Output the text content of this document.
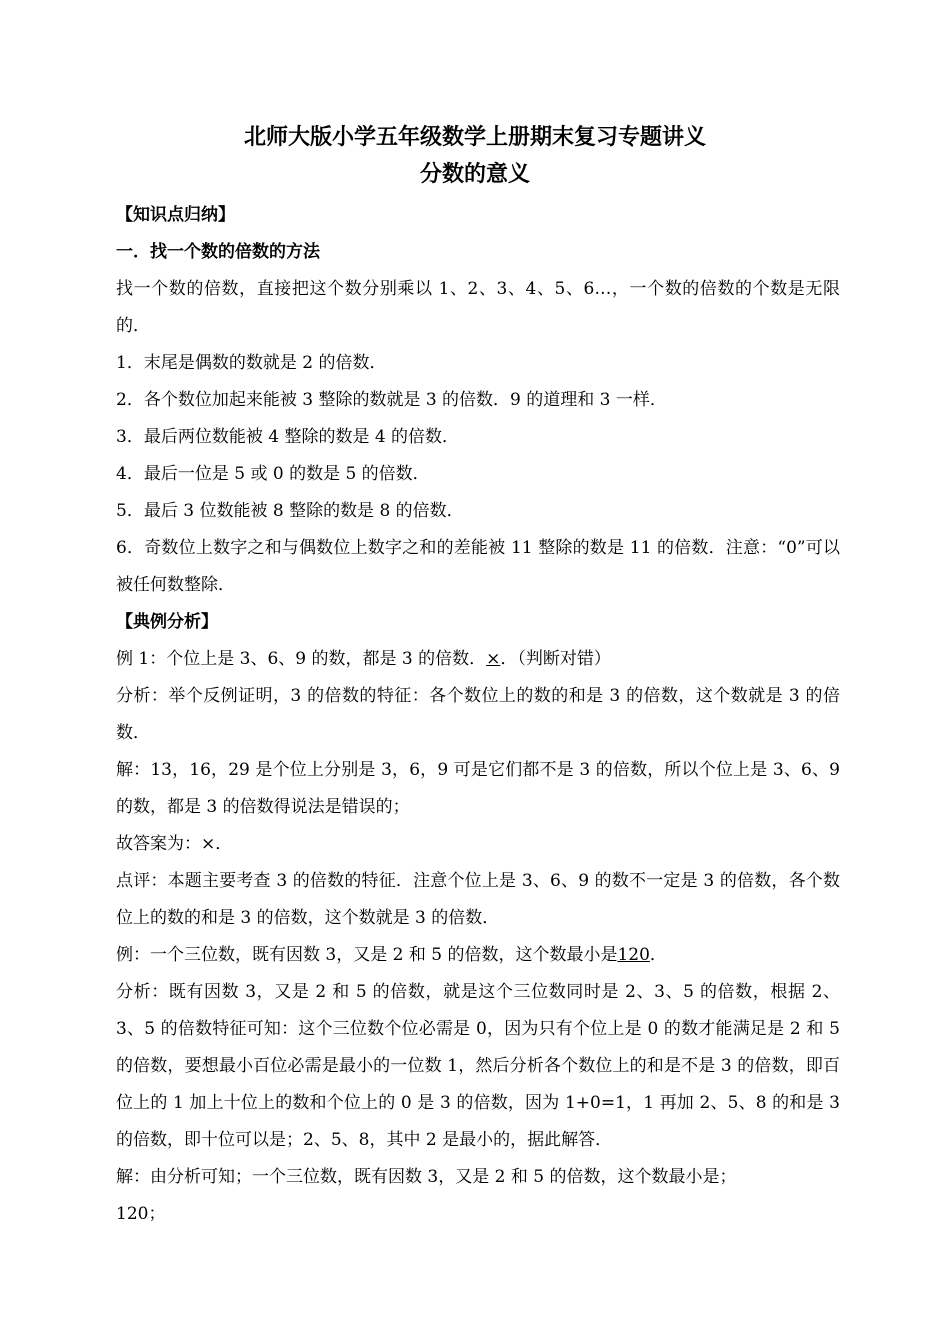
北师大版小学五年级数学上册期末复习专题讲义
分数的意义

【知识点归纳】

一．找一个数的倍数的方法

找一个数的倍数，直接把这个数分别乘以 1、2、3、4、5、6…，一个数的倍数的个数是无限的．

1．末尾是偶数的数就是 2 的倍数．

2．各个数位加起来能被 3 整除的数就是 3 的倍数．9 的道理和 3 一样．

3．最后两位数能被 4 整除的数是 4 的倍数．

4．最后一位是 5 或 0 的数是 5 的倍数．

5．最后 3 位数能被 8 整除的数是 8 的倍数．

6．奇数位上数字之和与偶数位上数字之和的差能被 11 整除的数是 11 的倍数．注意：“0”可以被任何数整除．

【典例分析】

例 1：个位上是 3、6、9 的数，都是 3 的倍数．×．（判断对错）

分析：举个反例证明，3 的倍数的特征：各个数位上的数的和是 3 的倍数，这个数就是 3 的倍数．

解：13，16，29 是个位上分别是 3，6，9 可是它们都不是 3 的倍数，所以个位上是 3、6、9 的数，都是 3 的倍数得说法是错误的；

故答案为：×．

点评：本题主要考查 3 的倍数的特征．注意个位上是 3、6、9 的数不一定是 3 的倍数，各个数位上的数的和是 3 的倍数，这个数就是 3 的倍数．

例：一个三位数，既有因数 3，又是 2 和 5 的倍数，这个数最小是120．

分析：既有因数 3，又是 2 和 5 的倍数，就是这个三位数同时是 2、3、5 的倍数，根据 2、3、5 的倍数特征可知：这个三位数个位必需是 0，因为只有个位上是 0 的数才能满足是 2 和 5 的倍数，要想最小百位必需是最小的一位数 1，然后分析各个数位上的和是不是 3 的倍数，即百位上的 1 加上十位上的数和个位上的 0 是 3 的倍数，因为 1+0=1，1 再加 2、5、8 的和是 3 的倍数，即十位可以是；2、5、8，其中 2 是最小的，据此解答．

解：由分析可知；一个三位数，既有因数 3，又是 2 和 5 的倍数，这个数最小是；

120；
